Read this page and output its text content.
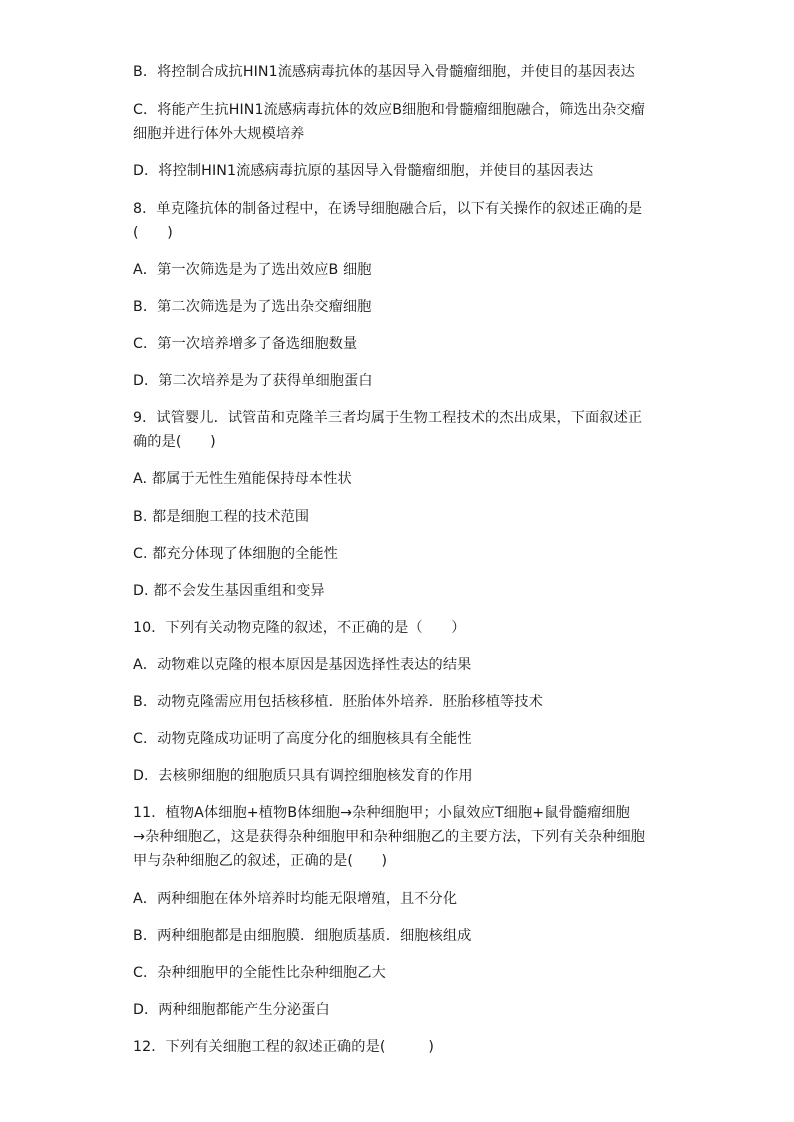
B．将控制合成抗HIN1流感病毒抗体的基因导入骨髓瘤细胞，并使目的基因表达
C．将能产生抗HIN1流感病毒抗体的效应B细胞和骨髓瘤细胞融合，筛选出杂交瘤
细胞并进行体外大规模培养
D．将控制HIN1流感病毒抗原的基因导入骨髓瘤细胞，并使目的基因表达
8．单克隆抗体的制备过程中，在诱导细胞融合后，以下有关操作的叙述正确的是
(　　)
A．第一次筛选是为了选出效应B 细胞
B．第二次筛选是为了选出杂交瘤细胞
C．第一次培养增多了备选细胞数量
D．第二次培养是为了获得单细胞蛋白
9．试管婴儿．试管苗和克隆羊三者均属于生物工程技术的杰出成果，下面叙述正
确的是(　　)
A. 都属于无性生殖能保持母本性状
B. 都是细胞工程的技术范围
C. 都充分体现了体细胞的全能性
D. 都不会发生基因重组和变异
10．下列有关动物克隆的叙述，不正确的是（　　）
A．动物难以克隆的根本原因是基因选择性表达的结果
B．动物克隆需应用包括核移植．胚胎体外培养．胚胎移植等技术
C．动物克隆成功证明了高度分化的细胞核具有全能性
D．去核卵细胞的细胞质只具有调控细胞核发育的作用
11．植物A体细胞+植物B体细胞→杂种细胞甲；小鼠效应T细胞+鼠骨髓瘤细胞
→杂种细胞乙，这是获得杂种细胞甲和杂种细胞乙的主要方法，下列有关杂种细胞
甲与杂种细胞乙的叙述，正确的是(　　)
A．两种细胞在体外培养时均能无限增殖，且不分化
B．两种细胞都是由细胞膜．细胞质基质．细胞核组成
C．杂种细胞甲的全能性比杂种细胞乙大
D．两种细胞都能产生分泌蛋白
12．下列有关细胞工程的叙述正确的是(　　　)
